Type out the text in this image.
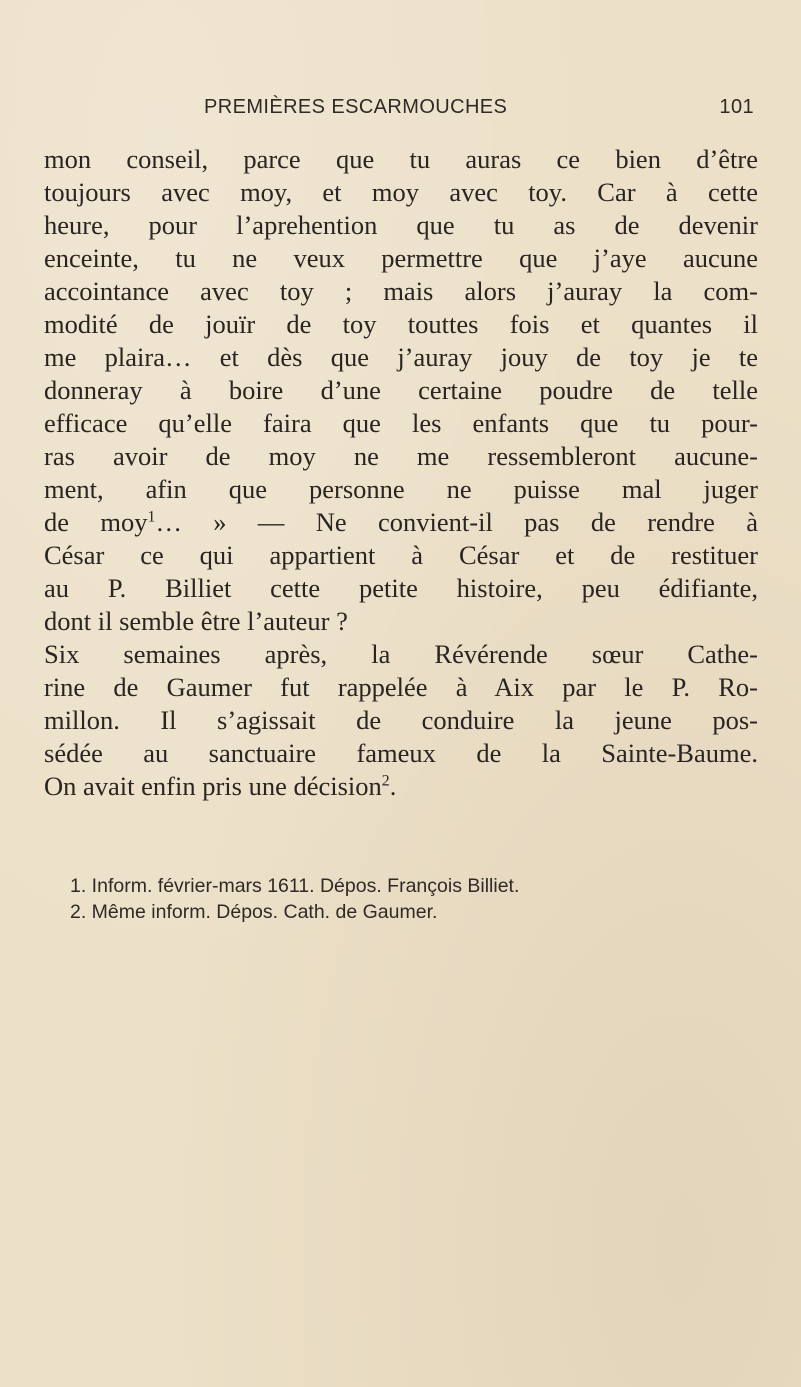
PREMIÈRES ESCARMOUCHES	101
mon conseil, parce que tu auras ce bien d’être
toujours avec moy, et moy avec toy. Car à cette
heure, pour l’aprehention que tu as de devenir
enceinte, tu ne veux permettre que j’aye aucune
accointance avec toy ; mais alors j’auray la com-
modité de jouïr de toy touttes fois et quantes il
me plaira… et dès que j’auray jouy de toy je te
donneray à boire d’une certaine poudre de telle
efficace qu’elle faira que les enfants que tu pour-
ras avoir de moy ne me ressembleront aucune-
ment, afin que personne ne puisse mal juger
de moy$^1$… » — Ne convient-il pas de rendre à
César ce qui appartient à César et de restituer
au P. Billiet cette petite histoire, peu édifiante,
dont il semble être l’auteur ?
Six semaines après, la Révérende sœur Cathe-
rine de Gaumer fut rappelée à Aix par le P. Ro-
millon. Il s’agissait de conduire la jeune pos-
sédée au sanctuaire fameux de la Sainte-Baume.
On avait enfin pris une décision$^2$.
1. Inform. février-mars 1611. Dépos. François Billiet.
2. Même inform. Dépos. Cath. de Gaumer.
